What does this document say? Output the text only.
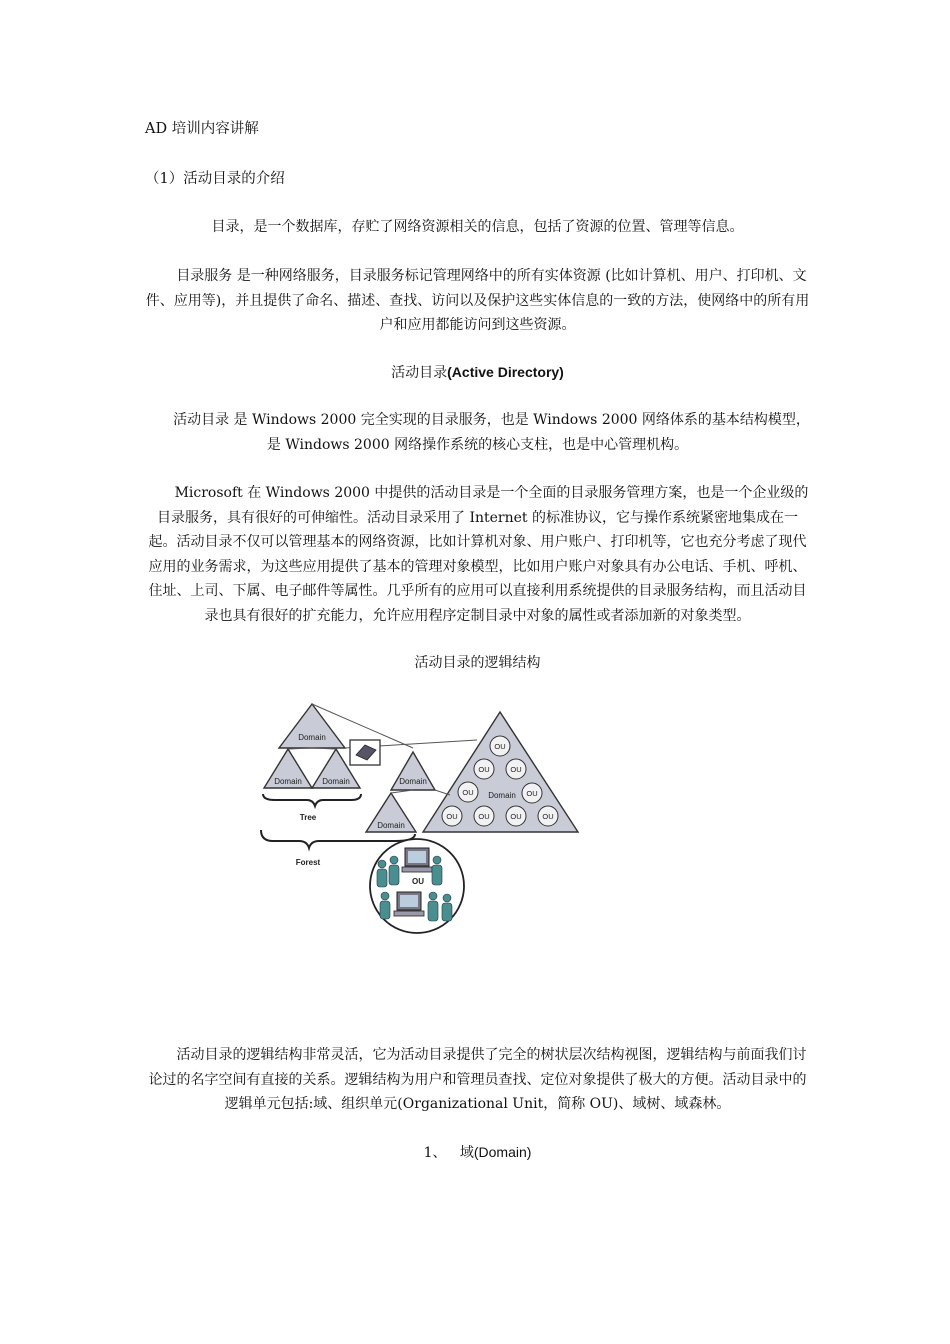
AD 培训内容讲解
（1）活动目录的介绍
目录，是一个数据库，存贮了网络资源相关的信息，包括了资源的位置、管理等信息。
目录服务 是一种网络服务，目录服务标记管理网络中的所有实体资源 (比如计算机、用户、打印机、文件、应用等)，并且提供了命名、描述、查找、访问以及保护这些实体信息的一致的方法，使网络中的所有用户和应用都能访问到这些资源。
活动目录(Active Directory)
活动目录 是 Windows 2000 完全实现的目录服务，也是 Windows 2000 网络体系的基本结构模型，是 Windows 2000 网络操作系统的核心支柱，也是中心管理机构。
Microsoft 在 Windows 2000 中提供的活动目录是一个全面的目录服务管理方案，也是一个企业级的目录服务，具有很好的可伸缩性。活动目录采用了 Internet 的标准协议，它与操作系统紧密地集成在一起。活动目录不仅可以管理基本的网络资源，比如计算机对象、用户账户、打印机等，它也充分考虑了现代应用的业务需求，为这些应用提供了基本的管理对象模型，比如用户账户对象具有办公电话、手机、呼机、住址、上司、下属、电子邮件等属性。几乎所有的应用可以直接利用系统提供的目录服务结构，而且活动目录也具有很好的扩充能力，允许应用程序定制目录中对象的属性或者添加新的对象类型。
活动目录的逻辑结构
Domain
Domain	Domain	Domain
Domain
Domain
OU
OU	OU
OU	OU
OU	OU	OU	OU
Tree
Forest
OU
活动目录的逻辑结构非常灵活，它为活动目录提供了完全的树状层次结构视图，逻辑结构与前面我们讨论过的名字空间有直接的关系。逻辑结构为用户和管理员查找、定位对象提供了极大的方便。活动目录中的逻辑单元包括:域、组织单元(Organizational Unit，简称 OU)、域树、域森林。
1、 域(Domain)
